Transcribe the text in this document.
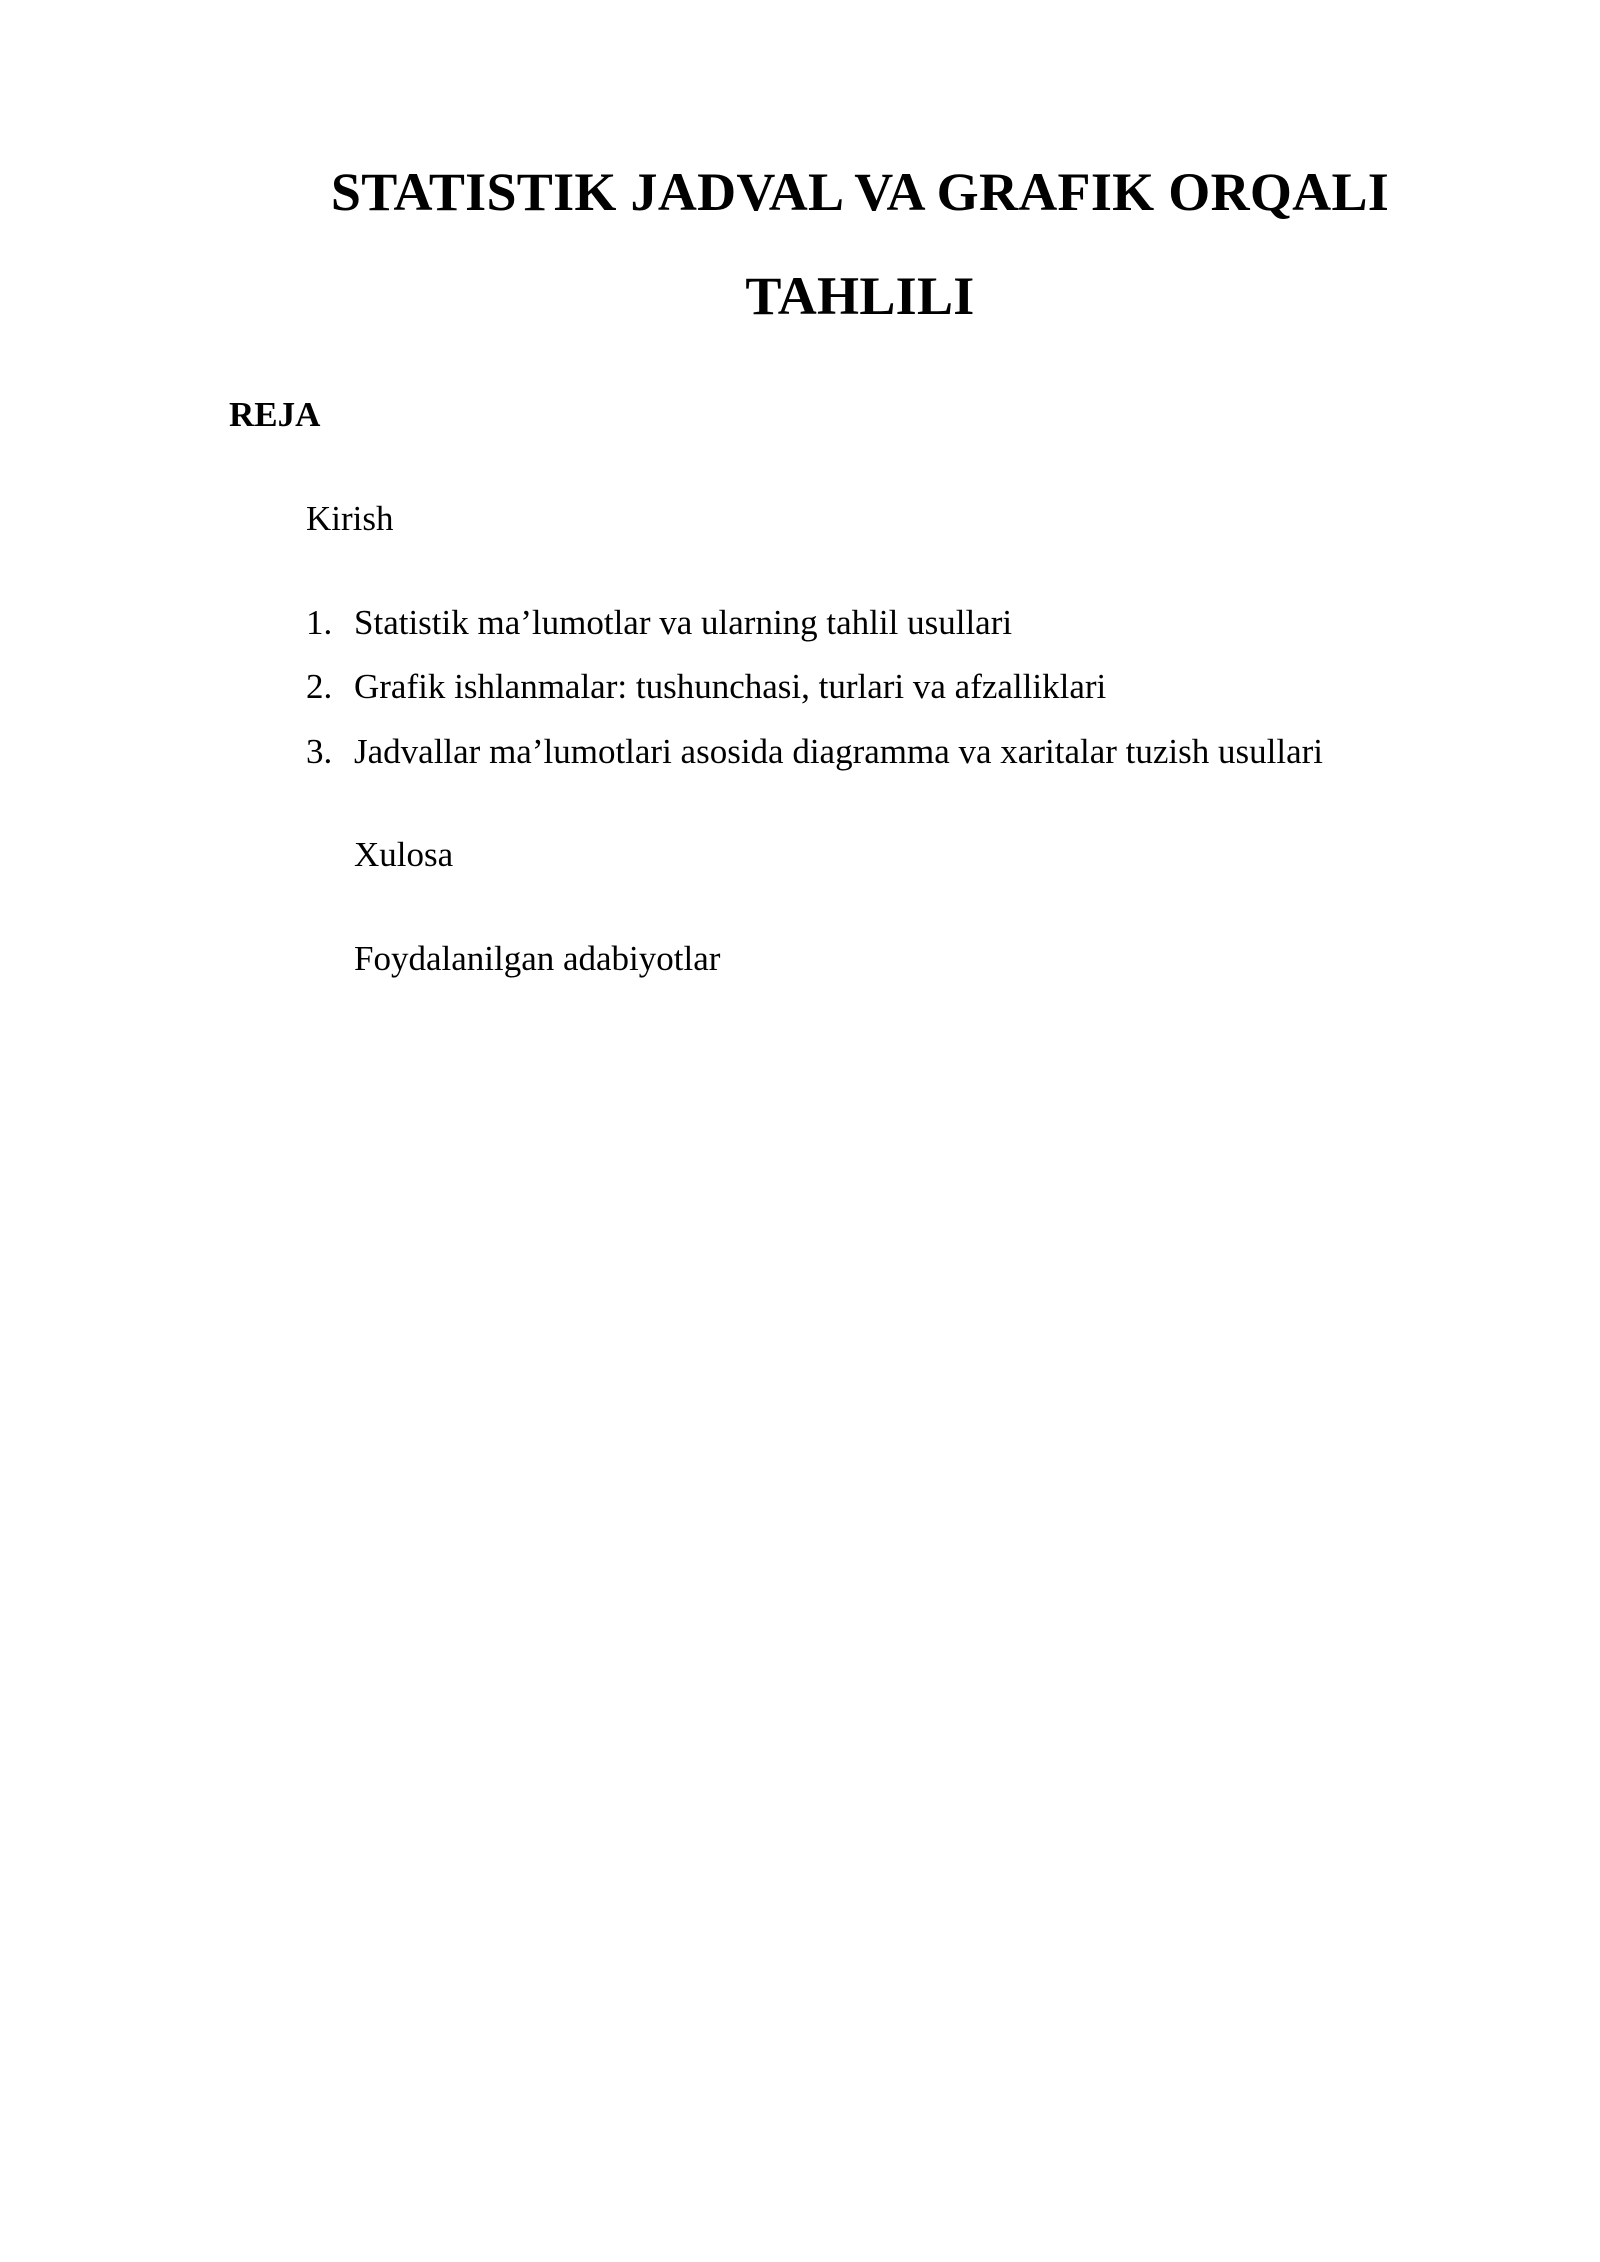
STATISTIK JADVAL VA GRAFIK ORQALI
TAHLILI
REJA

Kirish

1. Statistik ma’lumotlar va ularning tahlil usullari

2. Grafik ishlanmalar: tushunchasi, turlari va afzalliklari

3. Jadvallar ma’lumotlari asosida diagramma va xaritalar tuzish usullari

Xulosa

Foydalanilgan adabiyotlar
